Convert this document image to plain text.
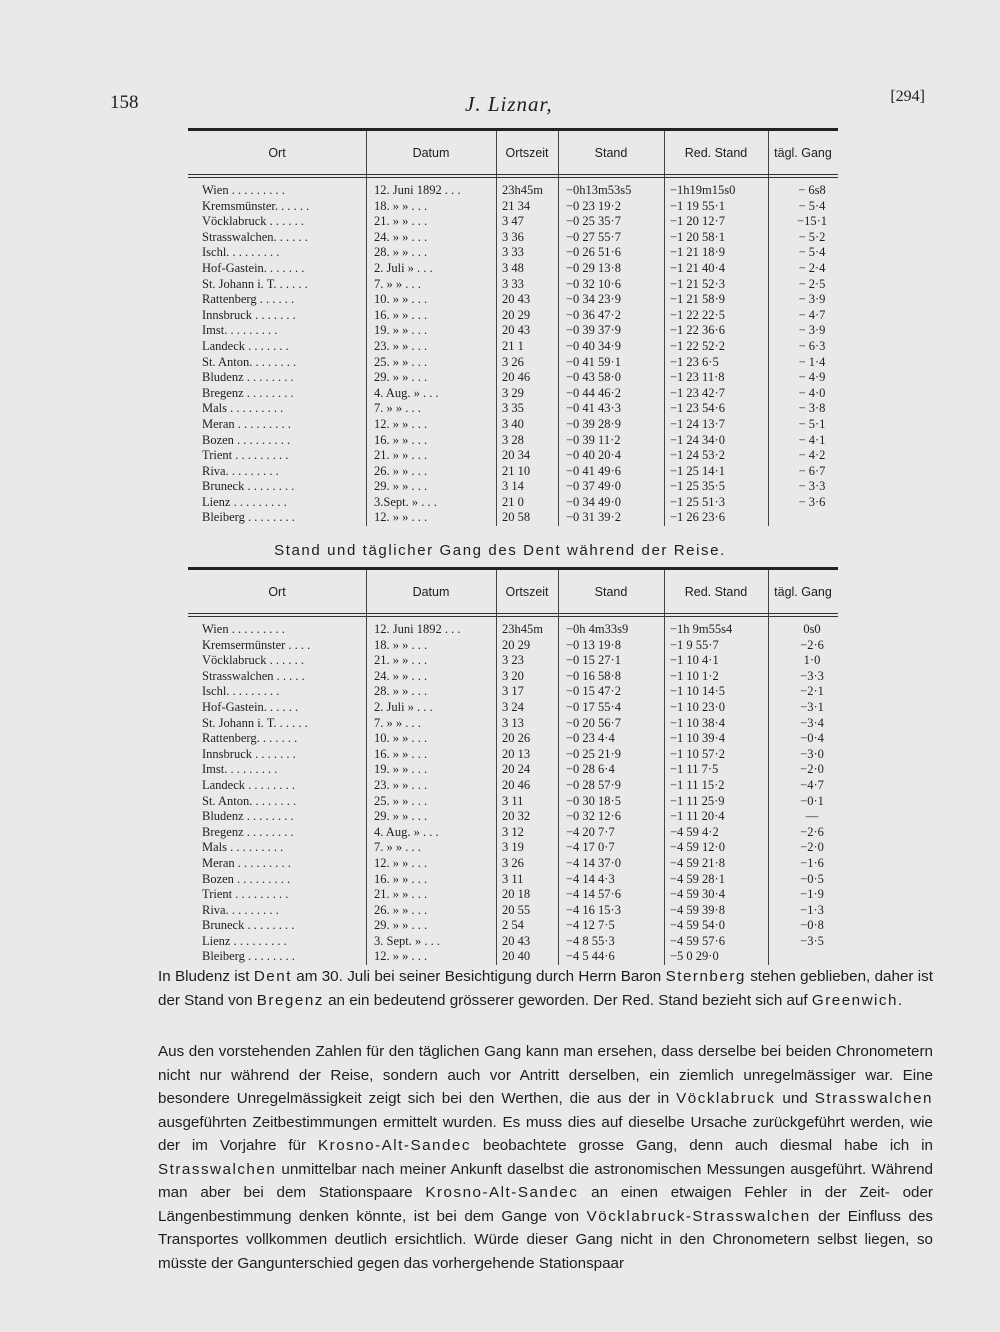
158	J. Liznar,	[294]
Ort	Datum	Ortszeit	Stand	Red. Stand	tägl. Gang
Wien . . . . . . . . .	12. Juni 1892 . . .	23h45m	−0h13m53s5	−1h19m15s0	− 6s8
Kremsmünster. . . . . .	18. » » . . .	21 34	−0 23 19·2	−1 19 55·1	− 5·4
Vöcklabruck . . . . . .	21. » » . . .	3 47	−0 25 35·7	−1 20 12·7	−15·1
Strasswalchen. . . . . .	24. » » . . .	3 36	−0 27 55·7	−1 20 58·1	− 5·2
Ischl. . . . . . . . .	28. » » . . .	3 33	−0 26 51·6	−1 21 18·9	− 5·4
Hof-Gastein. . . . . . .	2. Juli » . . .	3 48	−0 29 13·8	−1 21 40·4	− 2·4
St. Johann i. T. . . . . .	7. » » . . .	3 33	−0 32 10·6	−1 21 52·3	− 2·5
Rattenberg . . . . . .	10. » » . . .	20 43	−0 34 23·9	−1 21 58·9	− 3·9
Innsbruck . . . . . . .	16. » » . . .	20 29	−0 36 47·2	−1 22 22·5	− 4·7
Imst. . . . . . . . .	19. » » . . .	20 43	−0 39 37·9	−1 22 36·6	− 3·9
Landeck . . . . . . .	23. » » . . .	21 1	−0 40 34·9	−1 22 52·2	− 6·3
St. Anton. . . . . . . .	25. » » . . .	3 26	−0 41 59·1	−1 23 6·5	− 1·4
Bludenz . . . . . . . .	29. » » . . .	20 46	−0 43 58·0	−1 23 11·8	− 4·9
Bregenz . . . . . . . .	4. Aug. » . . .	3 29	−0 44 46·2	−1 23 42·7	− 4·0
Mals . . . . . . . . .	7. » » . . .	3 35	−0 41 43·3	−1 23 54·6	− 3·8
Meran . . . . . . . . .	12. » » . . .	3 40	−0 39 28·9	−1 24 13·7	− 5·1
Bozen . . . . . . . . .	16. » » . . .	3 28	−0 39 11·2	−1 24 34·0	− 4·1
Trient . . . . . . . . .	21. » » . . .	20 34	−0 40 20·4	−1 24 53·2	− 4·2
Riva. . . . . . . . .	26. » » . . .	21 10	−0 41 49·6	−1 25 14·1	− 6·7
Bruneck . . . . . . . .	29. » » . . .	3 14	−0 37 49·0	−1 25 35·5	− 3·3
Lienz . . . . . . . . .	3.Sept. » . . .	21 0	−0 34 49·0	−1 25 51·3	− 3·6
Bleiberg . . . . . . . .	12. » » . . .	20 58	−0 31 39·2	−1 26 23·6
Stand und täglicher Gang des Dent während der Reise.
Ort	Datum	Ortszeit	Stand	Red. Stand	tägl. Gang
Wien . . . . . . . . .	12. Juni 1892 . . .	23h45m	−0h 4m33s9	−1h 9m55s4	0s0
Kremsermünster . . . .	18. » » . . .	20 29	−0 13 19·8	−1 9 55·7	−2·6
Vöcklabruck . . . . . .	21. » » . . .	3 23	−0 15 27·1	−1 10 4·1	1·0
Strasswalchen . . . . .	24. » » . . .	3 20	−0 16 58·8	−1 10 1·2	−3·3
Ischl. . . . . . . . .	28. » » . . .	3 17	−0 15 47·2	−1 10 14·5	−2·1
Hof-Gastein. . . . . .	2. Juli » . . .	3 24	−0 17 55·4	−1 10 23·0	−3·1
St. Johann i. T. . . . . .	7. » » . . .	3 13	−0 20 56·7	−1 10 38·4	−3·4
Rattenberg. . . . . . .	10. » » . . .	20 26	−0 23 4·4	−1 10 39·4	−0·4
Innsbruck . . . . . . .	16. » » . . .	20 13	−0 25 21·9	−1 10 57·2	−3·0
Imst. . . . . . . . .	19. » » . . .	20 24	−0 28 6·4	−1 11 7·5	−2·0
Landeck . . . . . . . .	23. » » . . .	20 46	−0 28 57·9	−1 11 15·2	−4·7
St. Anton. . . . . . . .	25. » » . . .	3 11	−0 30 18·5	−1 11 25·9	−0·1
Bludenz . . . . . . . .	29. » » . . .	20 32	−0 32 12·6	−1 11 20·4	—
Bregenz . . . . . . . .	4. Aug. » . . .	3 12	−4 20 7·7	−4 59 4·2	−2·6
Mals . . . . . . . . .	7. » » . . .	3 19	−4 17 0·7	−4 59 12·0	−2·0
Meran . . . . . . . . .	12. » » . . .	3 26	−4 14 37·0	−4 59 21·8	−1·6
Bozen . . . . . . . . .	16. » » . . .	3 11	−4 14 4·3	−4 59 28·1	−0·5
Trient . . . . . . . . .	21. » » . . .	20 18	−4 14 57·6	−4 59 30·4	−1·9
Riva. . . . . . . . .	26. » » . . .	20 55	−4 16 15·3	−4 59 39·8	−1·3
Bruneck . . . . . . . .	29. » » . . .	2 54	−4 12 7·5	−4 59 54·0	−0·8
Lienz . . . . . . . . .	3. Sept. » . . .	20 43	−4 8 55·3	−4 59 57·6	−3·5
Bleiberg . . . . . . . .	12. » » . . .	20 40	−4 5 44·6	−5 0 29·0

In Bludenz ist Dent am 30. Juli bei seiner Besichtigung durch Herrn Baron Sternberg stehen geblieben, daher ist der Stand von Bregenz an ein bedeutend grösserer geworden. Der Red. Stand bezieht sich auf Greenwich.

Aus den vorstehenden Zahlen für den täglichen Gang kann man ersehen, dass derselbe bei beiden Chronometern nicht nur während der Reise, sondern auch vor Antritt derselben, ein ziemlich unregelmässiger war. Eine besondere Unregelmässigkeit zeigt sich bei den Werthen, die aus der in Vöcklabruck und Strasswalchen ausgeführten Zeitbestimmungen ermittelt wurden. Es muss dies auf dieselbe Ursache zurückgeführt werden, wie der im Vorjahre für Krosno-Alt-Sandec beobachtete grosse Gang, denn auch diesmal habe ich in Strasswalchen unmittelbar nach meiner Ankunft daselbst die astronomischen Messungen ausgeführt. Während man aber bei dem Stationspaare Krosno-Alt-Sandec an einen etwaigen Fehler in der Zeit- oder Längenbestimmung denken könnte, ist bei dem Gange von Vöcklabruck-Strasswalchen der Einfluss des Transportes vollkommen deutlich ersichtlich. Würde dieser Gang nicht in den Chronometern selbst liegen, so müsste der Gangunterschied gegen das vorhergehende Stationspaar
